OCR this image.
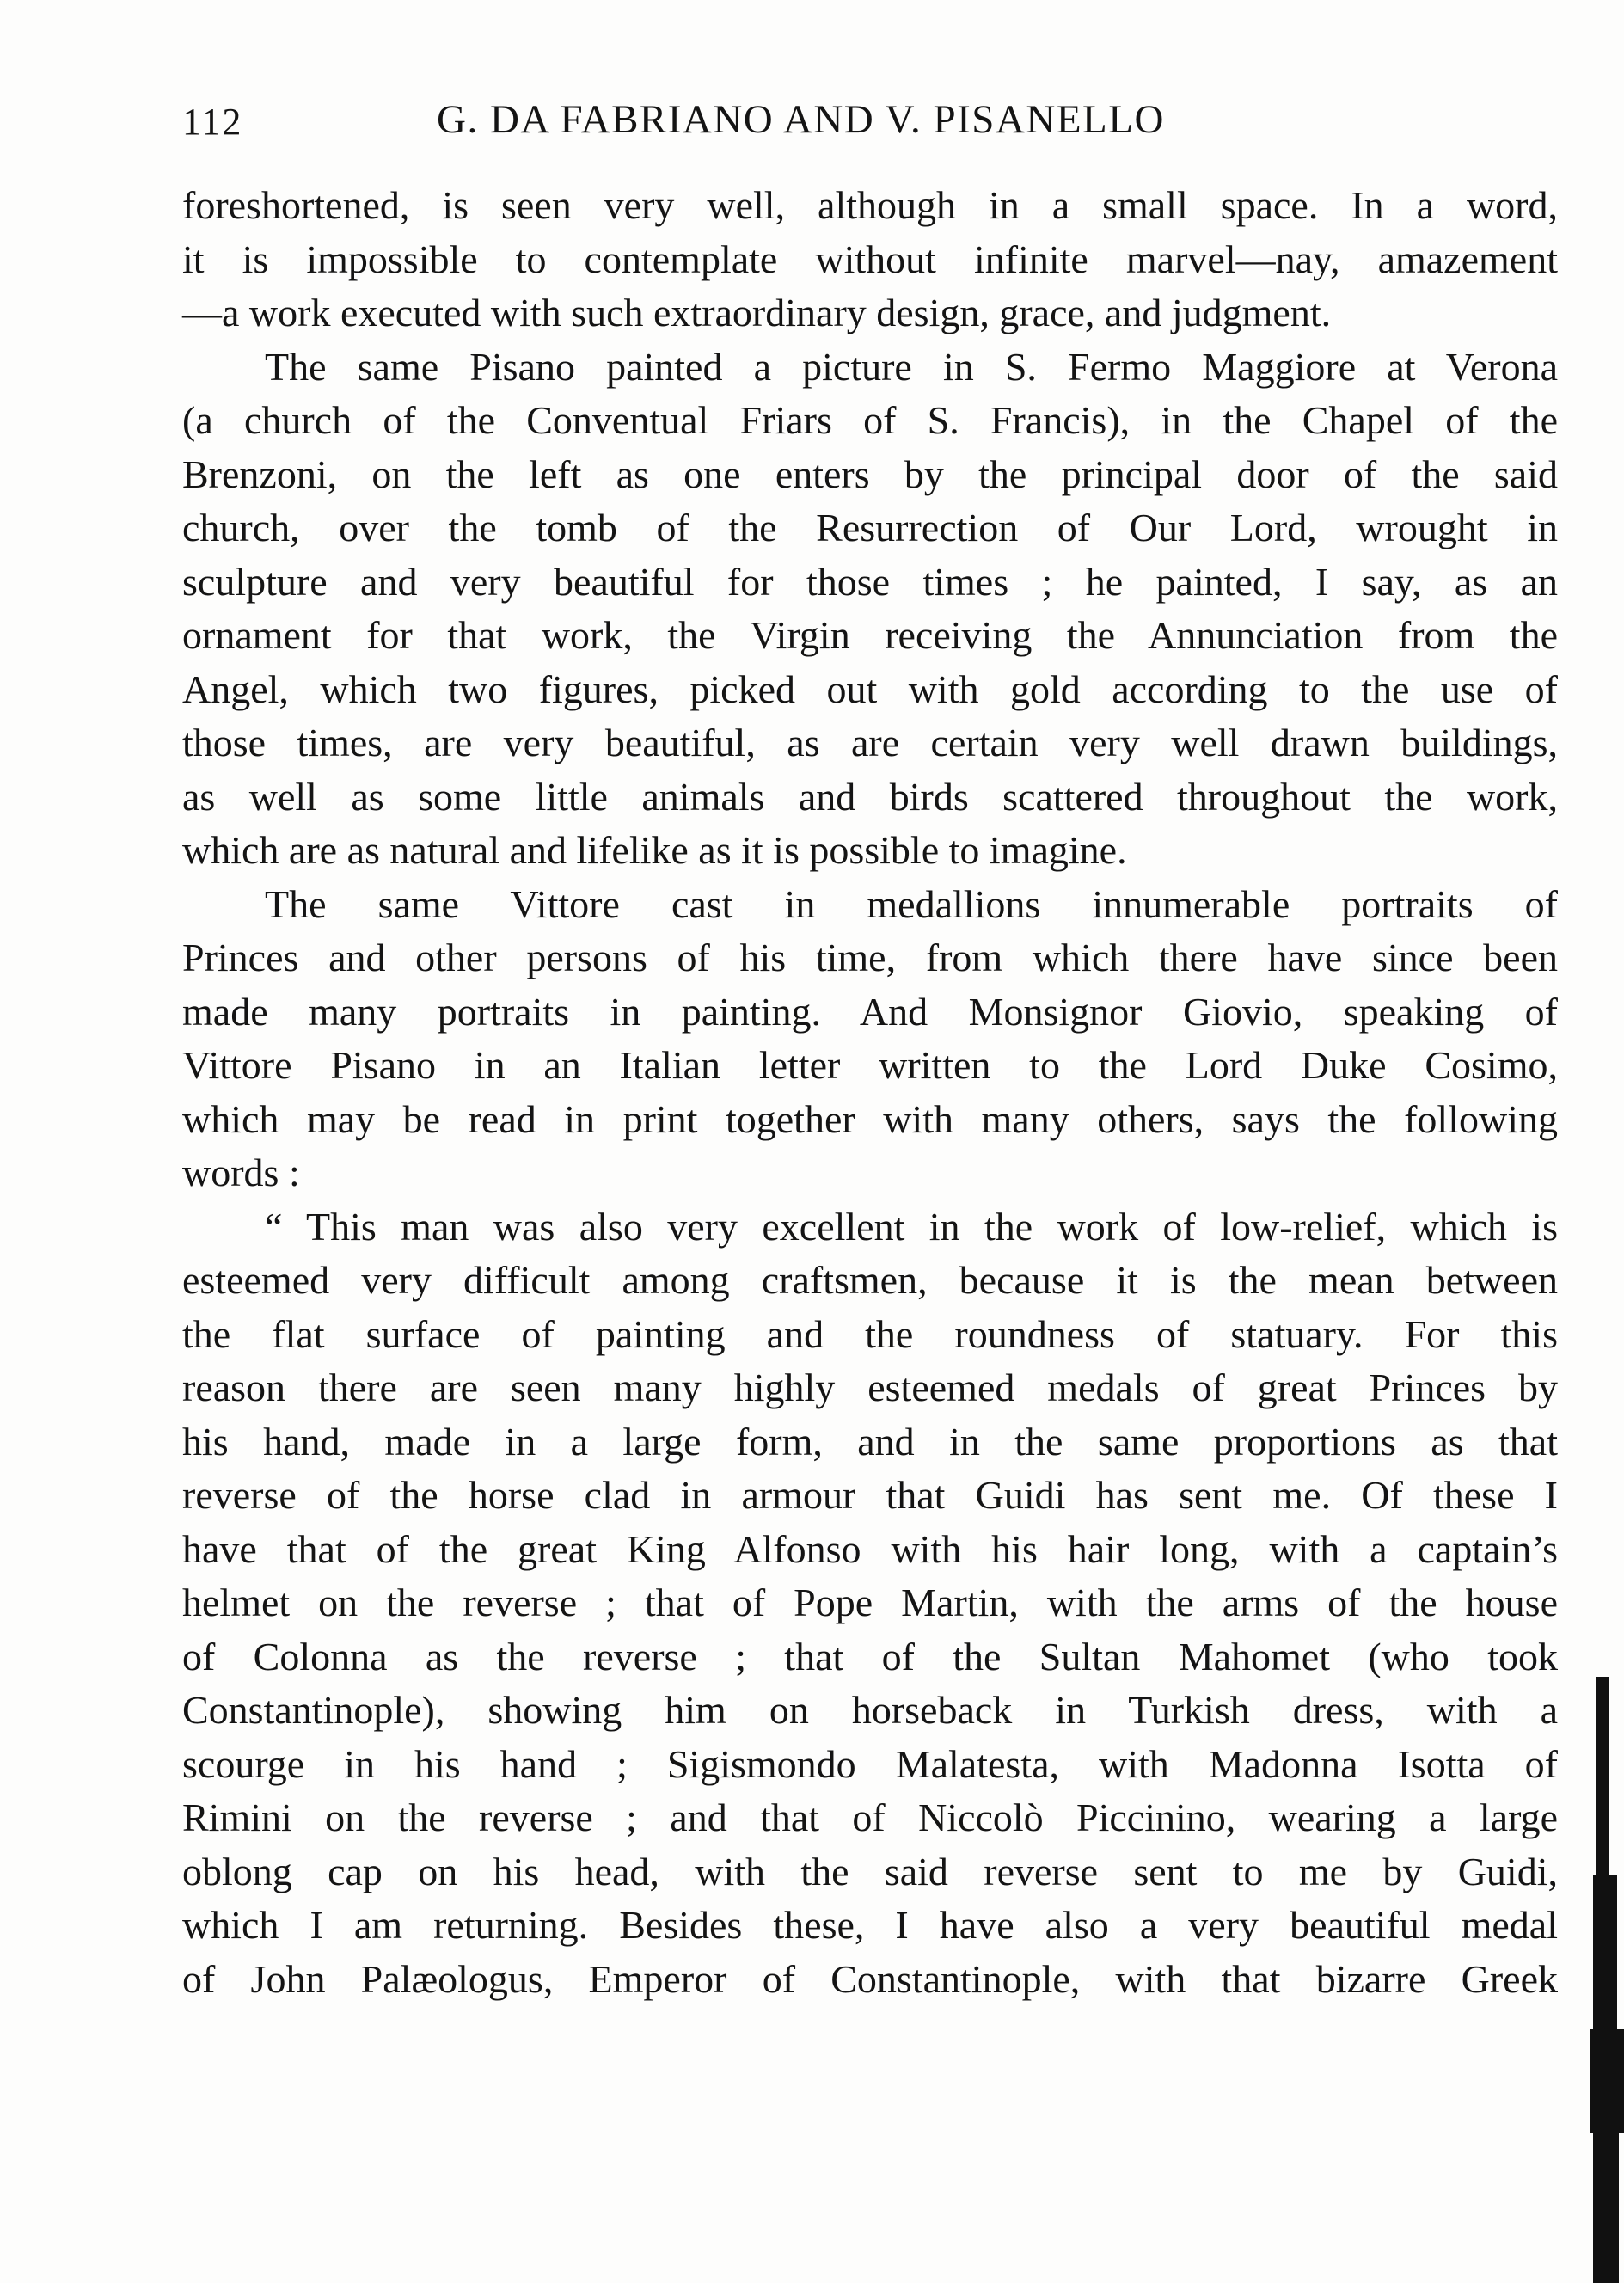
112	G. DA FABRIANO AND V. PISANELLO
foreshortened, is seen very well, although in a small space. In a word,
it is impossible to contemplate without infinite marvel—nay, amazement
—a work executed with such extraordinary design, grace, and judgment.
The same Pisano painted a picture in S. Fermo Maggiore at Verona
(a church of the Conventual Friars of S. Francis), in the Chapel of the
Brenzoni, on the left as one enters by the principal door of the said
church, over the tomb of the Resurrection of Our Lord, wrought in
sculpture and very beautiful for those times ; he painted, I say, as an
ornament for that work, the Virgin receiving the Annunciation from the
Angel, which two figures, picked out with gold according to the use of
those times, are very beautiful, as are certain very well drawn buildings,
as well as some little animals and birds scattered throughout the work,
which are as natural and lifelike as it is possible to imagine.
The same Vittore cast in medallions innumerable portraits of
Princes and other persons of his time, from which there have since been
made many portraits in painting. And Monsignor Giovio, speaking of
Vittore Pisano in an Italian letter written to the Lord Duke Cosimo,
which may be read in print together with many others, says the following
words :
“ This man was also very excellent in the work of low-relief, which is
esteemed very difficult among craftsmen, because it is the mean between
the flat surface of painting and the roundness of statuary. For this
reason there are seen many highly esteemed medals of great Princes by
his hand, made in a large form, and in the same proportions as that
reverse of the horse clad in armour that Guidi has sent me. Of these I
have that of the great King Alfonso with his hair long, with a captain’s
helmet on the reverse ; that of Pope Martin, with the arms of the house
of Colonna as the reverse ; that of the Sultan Mahomet (who took
Constantinople), showing him on horseback in Turkish dress, with a
scourge in his hand ; Sigismondo Malatesta, with Madonna Isotta of
Rimini on the reverse ; and that of Niccolò Piccinino, wearing a large
oblong cap on his head, with the said reverse sent to me by Guidi,
which I am returning. Besides these, I have also a very beautiful medal
of John Palæologus, Emperor of Constantinople, with that bizarre Greek
